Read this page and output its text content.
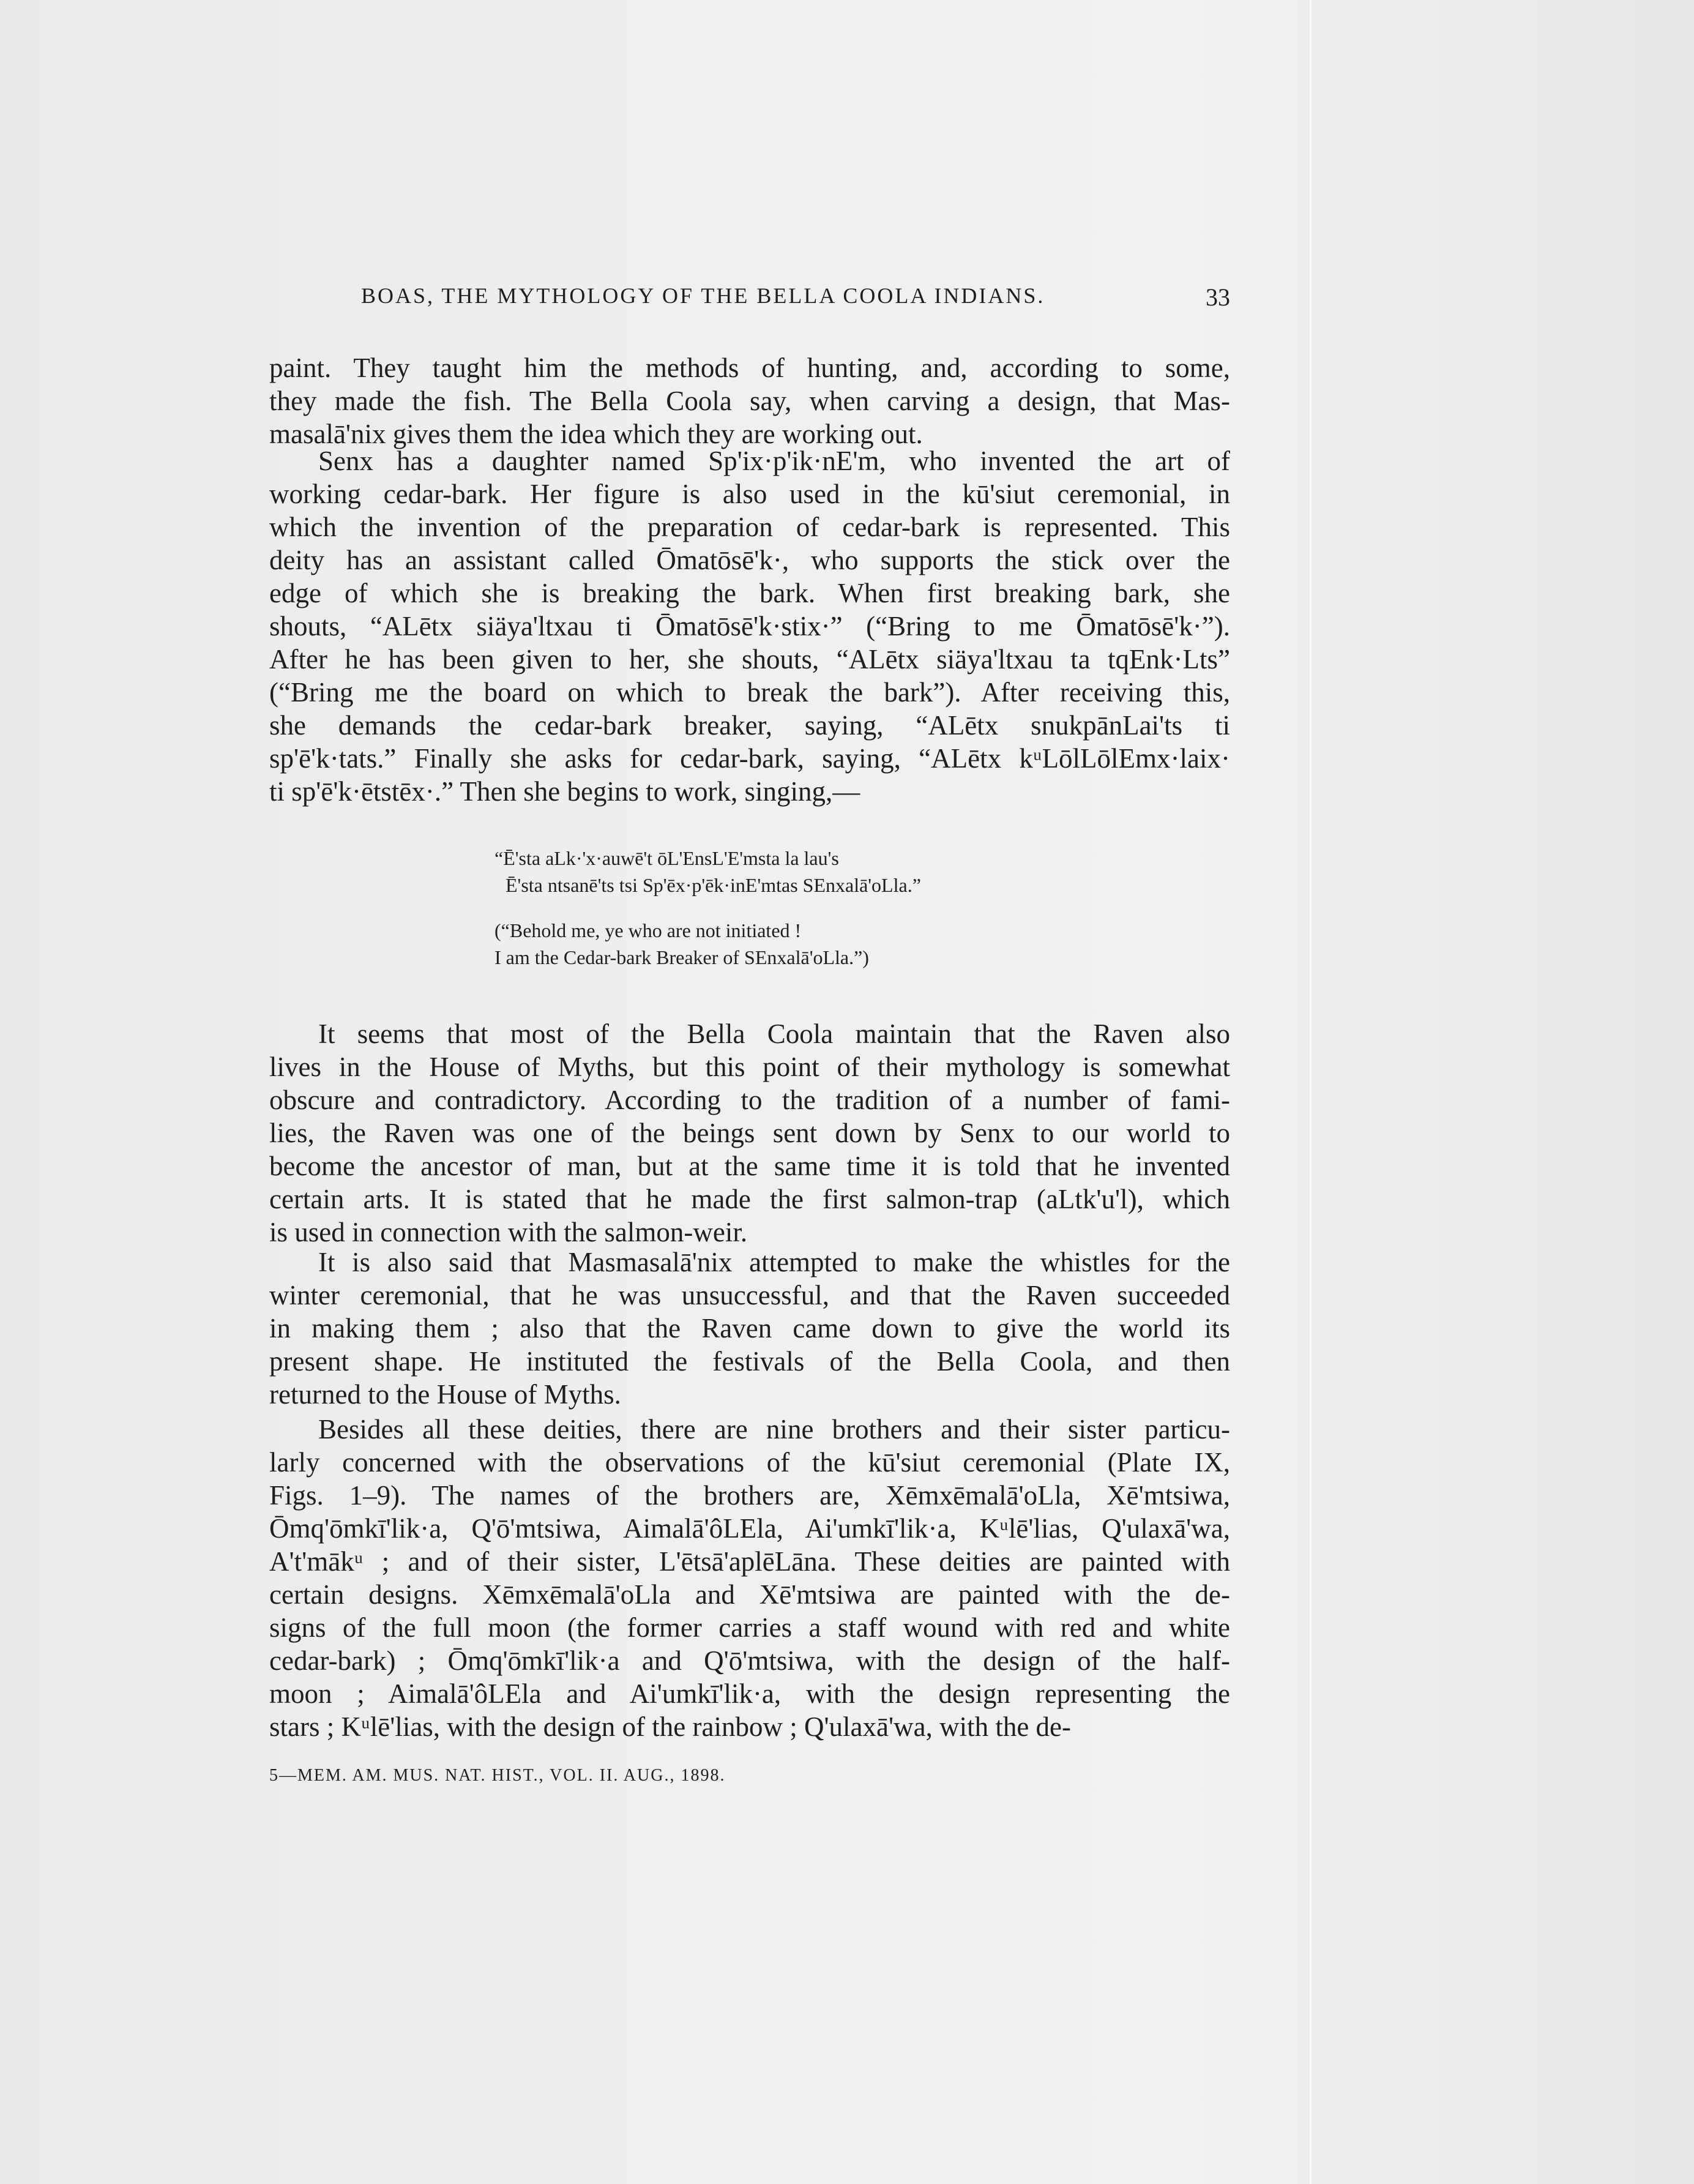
BOAS, THE MYTHOLOGY OF THE BELLA COOLA INDIANS.	33
paint. They taught him the methods of hunting, and, according to some,
they made the fish. The Bella Coola say, when carving a design, that Mas-
masalā'nix gives them the idea which they are working out.
Senx has a daughter named Sp'ix·p'ik·nE'm, who invented the art of
working cedar-bark. Her figure is also used in the kū'siut ceremonial, in
which the invention of the preparation of cedar-bark is represented. This
deity has an assistant called Ōmatōsē'k·, who supports the stick over the
edge of which she is breaking the bark. When first breaking bark, she
shouts, “ALētx siäya'ltxau ti Ōmatōsē'k·stix·” (“Bring to me Ōmatōsē'k·”).
After he has been given to her, she shouts, “ALētx siäya'ltxau ta tqEnk·Lts”
(“Bring me the board on which to break the bark”). After receiving this,
she demands the cedar-bark breaker, saying, “ALētx snukpānLai'ts ti
sp'ē'k·tats.” Finally she asks for cedar-bark, saying, “ALētx kᵘLōlLōlEmx·laix·
ti sp'ē'k·ētstēx·.” Then she begins to work, singing,—
“Ē'sta aLk·'x·auwē't ōL'EnsL'E'msta la lau's
Ē'sta ntsanē'ts tsi Sp'ēx·p'ēk·inE'mtas SEnxalā'oLla.”
(“Behold me, ye who are not initiated !
I am the Cedar-bark Breaker of SEnxalā'oLla.”)
It seems that most of the Bella Coola maintain that the Raven also
lives in the House of Myths, but this point of their mythology is somewhat
obscure and contradictory. According to the tradition of a number of fami-
lies, the Raven was one of the beings sent down by Senx to our world to
become the ancestor of man, but at the same time it is told that he invented
certain arts. It is stated that he made the first salmon-trap (aLtk'u'l), which
is used in connection with the salmon-weir.
It is also said that Masmasalā'nix attempted to make the whistles for the
winter ceremonial, that he was unsuccessful, and that the Raven succeeded
in making them ; also that the Raven came down to give the world its
present shape. He instituted the festivals of the Bella Coola, and then
returned to the House of Myths.
Besides all these deities, there are nine brothers and their sister particu-
larly concerned with the observations of the kū'siut ceremonial (Plate IX,
Figs. 1–9). The names of the brothers are, Xēmxēmalā'oLla, Xē'mtsiwa,
Ōmq'ōmkī'lik·a, Q'ō'mtsiwa, Aimalā'ôLEla, Ai'umkī'lik·a, Kᵘlē'lias, Q'ulaxā'wa,
A't'mākᵘ ; and of their sister, L'ētsā'aplēLāna. These deities are painted with
certain designs. Xēmxēmalā'oLla and Xē'mtsiwa are painted with the de-
signs of the full moon (the former carries a staff wound with red and white
cedar-bark) ; Ōmq'ōmkī'lik·a and Q'ō'mtsiwa, with the design of the half-
moon ; Aimalā'ôLEla and Ai'umkī'lik·a, with the design representing the
stars ; Kᵘlē'lias, with the design of the rainbow ; Q'ulaxā'wa, with the de-
5—MEM. AM. MUS. NAT. HIST., VOL. II. AUG., 1898.
